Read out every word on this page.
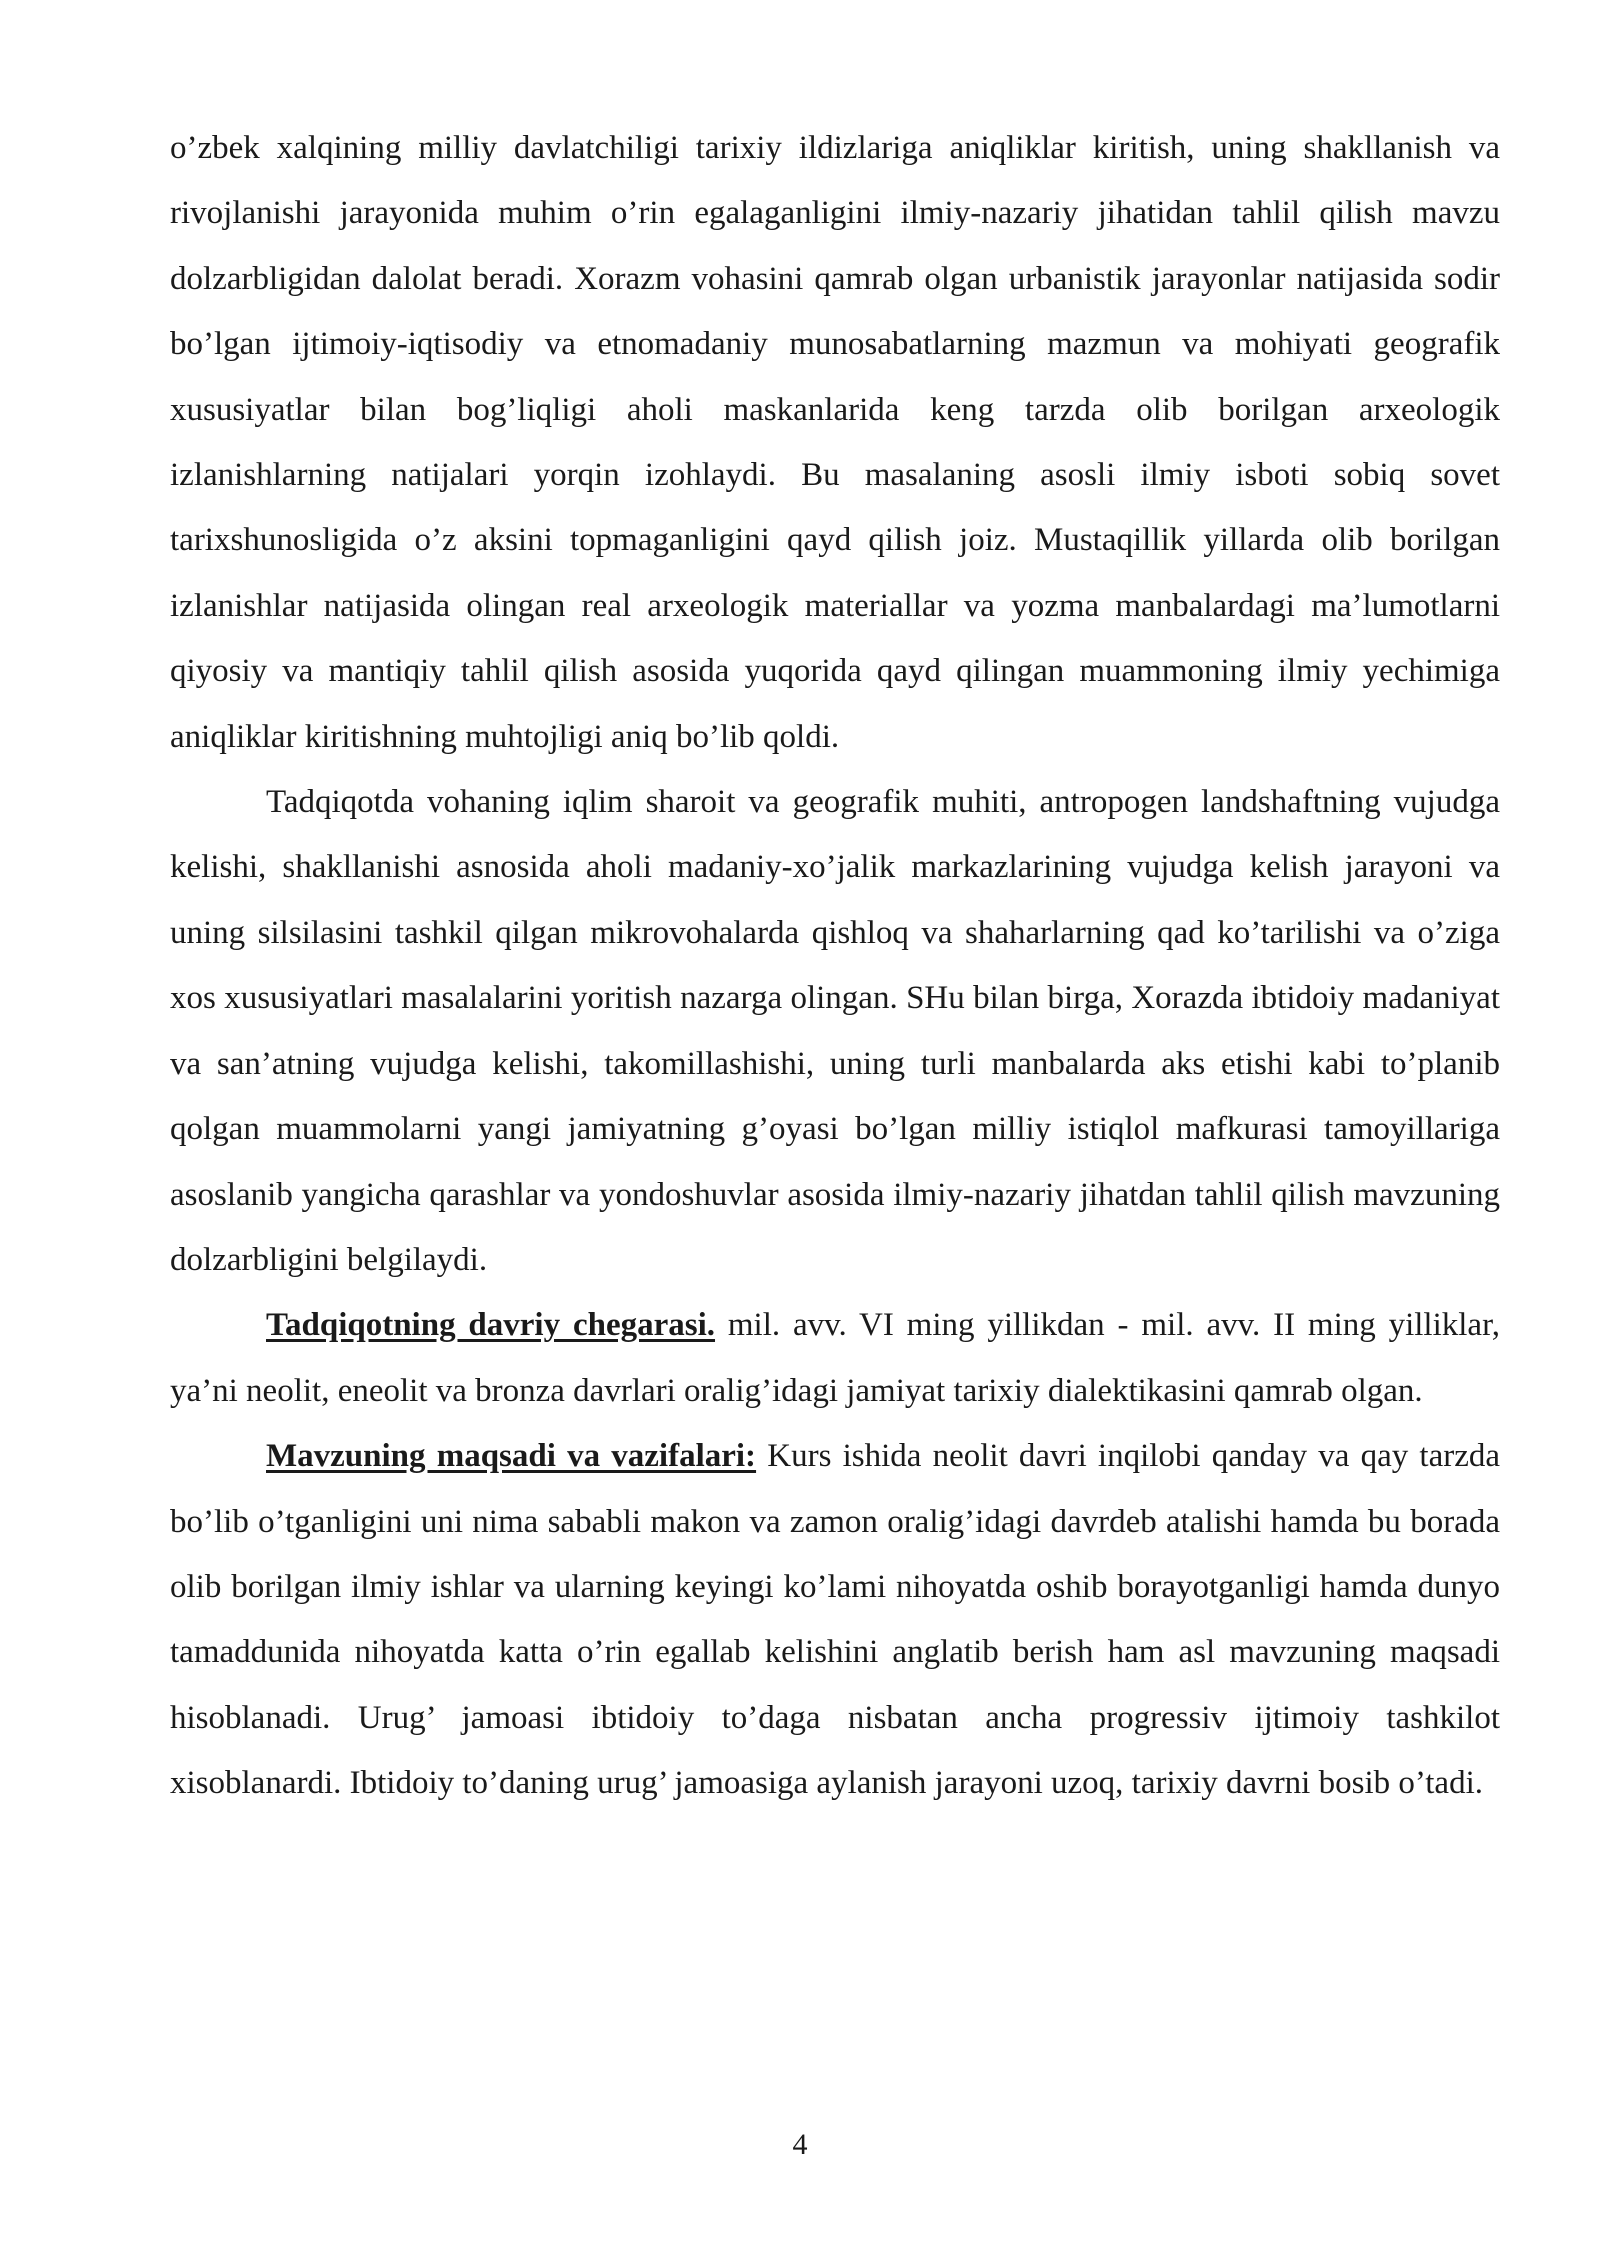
o’zbek xalqining milliy davlatchiligi tarixiy ildizlariga aniqliklar kiritish, uning shakllanish va rivojlanishi jarayonida muhim o’rin egalaganligini ilmiy-nazariy jihatidan tahlil qilish mavzu dolzarbligidan dalolat beradi. Xorazm vohasini qamrab olgan urbanistik jarayonlar natijasida sodir bo’lgan ijtimoiy-iqtisodiy va etnomadaniy munosabatlarning mazmun va mohiyati geografik xususiyatlar bilan bog’liqligi aholi maskanlarida keng tarzda olib borilgan arxeologik izlanishlarning natijalari yorqin izohlaydi. Bu masalaning asosli ilmiy isboti sobiq sovet tarixshunosligida o’z aksini topmaganligini qayd qilish joiz. Mustaqillik yillarda olib borilgan izlanishlar natijasida olingan real arxeologik materiallar va yozma manbalardagi ma’lumotlarni qiyosiy va mantiqiy tahlil qilish asosida yuqorida qayd qilingan muammoning ilmiy yechimiga aniqliklar kiritishning muhtojligi aniq bo’lib qoldi.

Tadqiqotda vohaning iqlim sharoit va geografik muhiti, antropogen landshaftning vujudga kelishi, shakllanishi asnosida aholi madaniy-xo’jalik markazlarining vujudga kelish jarayoni va uning silsilasini tashkil qilgan mikrovohalarda qishloq va shaharlarning qad ko’tarilishi va o’ziga xos xususiyatlari masalalarini yoritish nazarga olingan. SHu bilan birga, Xorazda ibtidoiy madaniyat va san’atning vujudga kelishi, takomillashishi, uning turli manbalarda aks etishi kabi to’planib qolgan muammolarni yangi jamiyatning g’oyasi bo’lgan milliy istiqlol mafkurasi tamoyillariga asoslanib yangicha qarashlar va yondoshuvlar asosida ilmiy-nazariy jihatdan tahlil qilish mavzuning dolzarbligini belgilaydi.

Tadqiqotning davriy chegarasi. mil. avv. VI ming yillikdan - mil. avv. II ming yilliklar, ya’ni neolit, eneolit va bronza davrlari oralig’idagi jamiyat tarixiy dialektikasini qamrab olgan.

Mavzuning maqsadi va vazifalari: Kurs ishida neolit davri inqilobi qanday va qay tarzda bo’lib o’tganligini uni nima sababli makon va zamon oralig’idagi davrdeb atalishi hamda bu borada olib borilgan ilmiy ishlar va ularning keyingi ko’lami nihoyatda oshib borayotganligi hamda dunyo tamaddunida nihoyatda katta o’rin egallab kelishini anglatib berish ham asl mavzuning maqsadi hisoblanadi. Urug’ jamoasi ibtidoiy to’daga nisbatan ancha progressiv ijtimoiy tashkilot xisoblanardi. Ibtidoiy to’daning urug’ jamoasiga aylanish jarayoni uzoq, tarixiy davrni bosib o’tadi.

4
